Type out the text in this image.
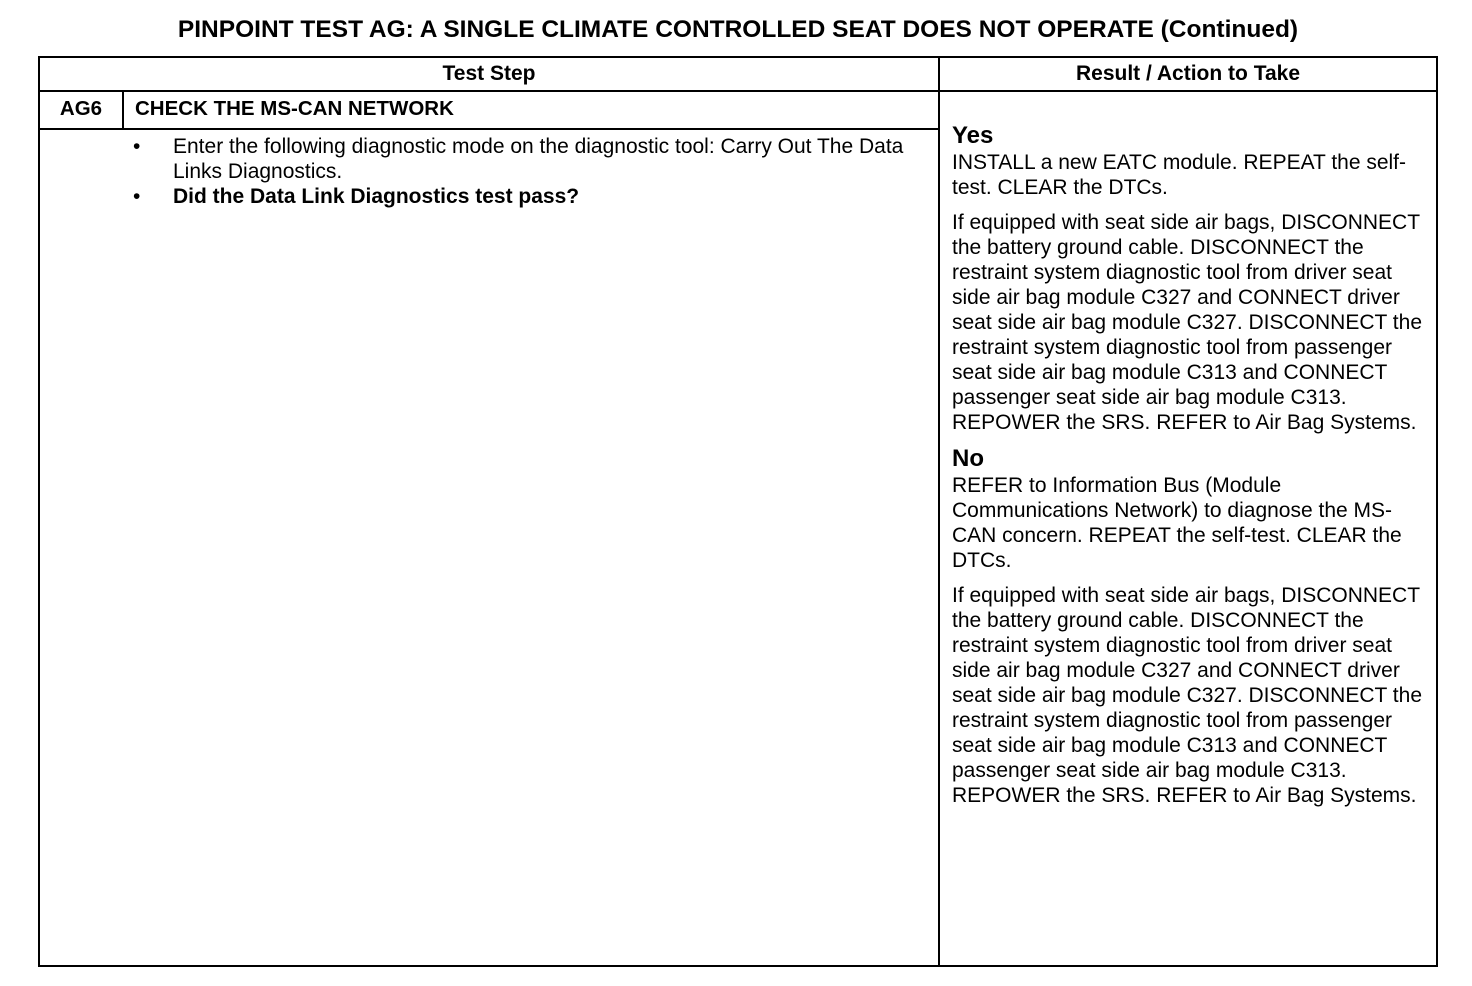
PINPOINT TEST AG: A SINGLE CLIMATE CONTROLLED SEAT DOES NOT OPERATE (Continued)
Test Step	Result / Action to Take
AG6	CHECK THE MS-CAN NETWORK
• Enter the following diagnostic mode on the diagnostic tool: Carry Out The Data Links Diagnostics.
• Did the Data Link Diagnostics test pass?
Yes

INSTALL a new EATC module. REPEAT the self-test. CLEAR the DTCs.

If equipped with seat side air bags, DISCONNECT the battery ground cable. DISCONNECT the restraint system diagnostic tool from driver seat side air bag module C327 and CONNECT driver seat side air bag module C327. DISCONNECT the restraint system diagnostic tool from passenger seat side air bag module C313 and CONNECT passenger seat side air bag module C313. REPOWER the SRS. REFER to Air Bag Systems.

No

REFER to Information Bus (Module Communications Network) to diagnose the MS-CAN concern. REPEAT the self-test. CLEAR the DTCs.

If equipped with seat side air bags, DISCONNECT the battery ground cable. DISCONNECT the restraint system diagnostic tool from driver seat side air bag module C327 and CONNECT driver seat side air bag module C327. DISCONNECT the restraint system diagnostic tool from passenger seat side air bag module C313 and CONNECT passenger seat side air bag module C313. REPOWER the SRS. REFER to Air Bag Systems.
